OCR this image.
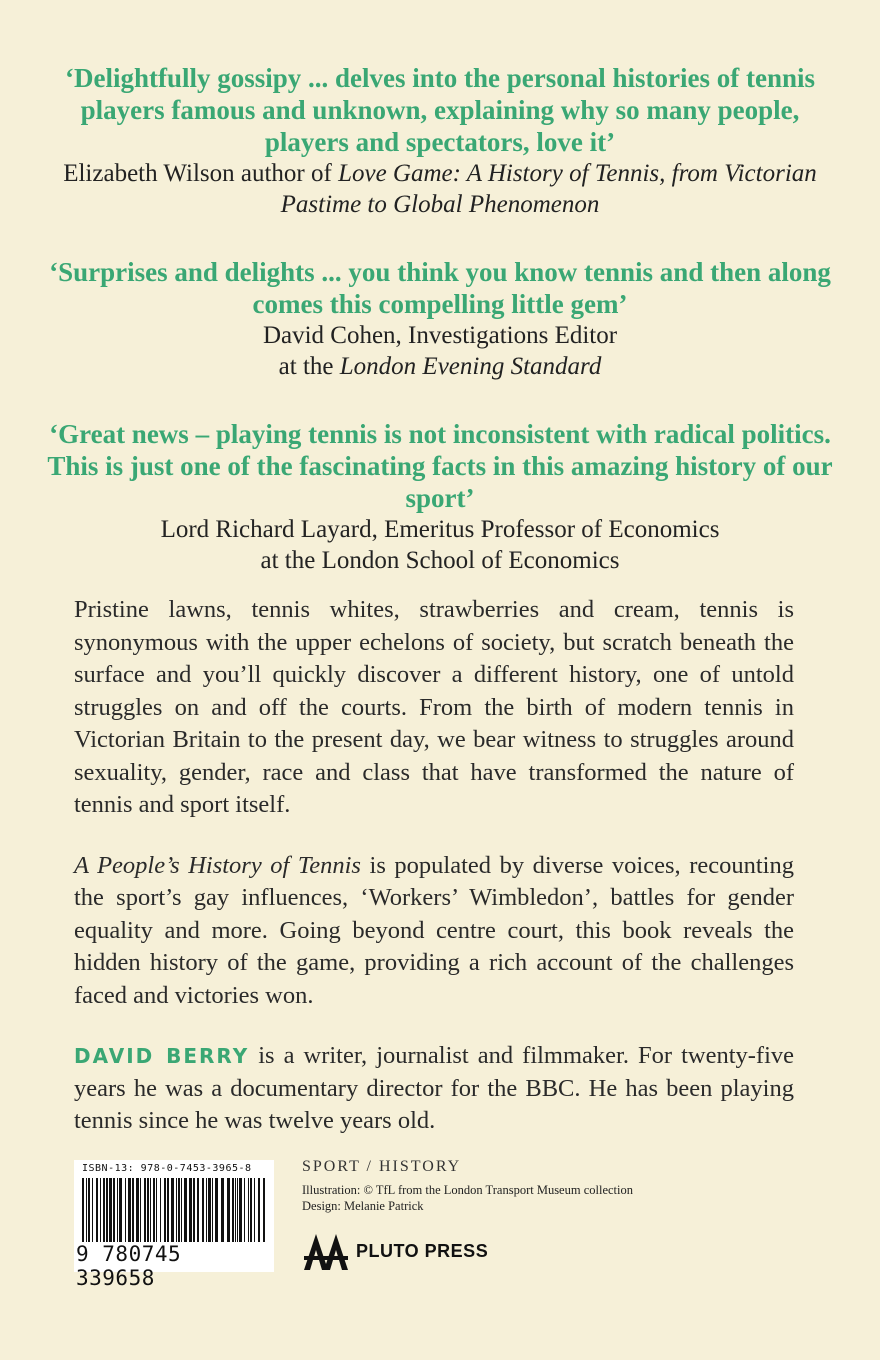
‘Delightfully gossipy ... delves into the personal histories of tennis players famous and unknown, explaining why so many people, players and spectators, love it’

Elizabeth Wilson author of Love Game: A History of Tennis, from Victorian Pastime to Global Phenomenon

‘Surprises and delights ... you think you know tennis and then along comes this compelling little gem’

David Cohen, Investigations Editor

at the London Evening Standard

‘Great news – playing tennis is not inconsistent with radical politics. This is just one of the fascinating facts in this amazing history of our sport’

Lord Richard Layard, Emeritus Professor of Economics

at the London School of Economics

Pristine lawns, tennis whites, strawberries and cream, tennis is synonymous with the upper echelons of society, but scratch beneath the surface and you’ll quickly discover a different history, one of untold struggles on and off the courts. From the birth of modern tennis in Victorian Britain to the present day, we bear witness to struggles around sexuality, gender, race and class that have transformed the nature of tennis and sport itself.

A People’s History of Tennis is populated by diverse voices, recounting the sport’s gay influences, ‘Workers’ Wimbledon’, battles for gender equality and more. Going beyond centre court, this book reveals the hidden history of the game, providing a rich account of the challenges faced and victories won.

DAVID BERRY is a writer, journalist and filmmaker. For twenty-five years he was a documentary director for the BBC. He has been playing tennis since he was twelve years old.

ISBN-13: 978-0-7453-3965-8
9 780745 339658

SPORT / HISTORY

Illustration: © TfL from the London Transport Museum collection

Design: Melanie Patrick

PLUTO PRESS
